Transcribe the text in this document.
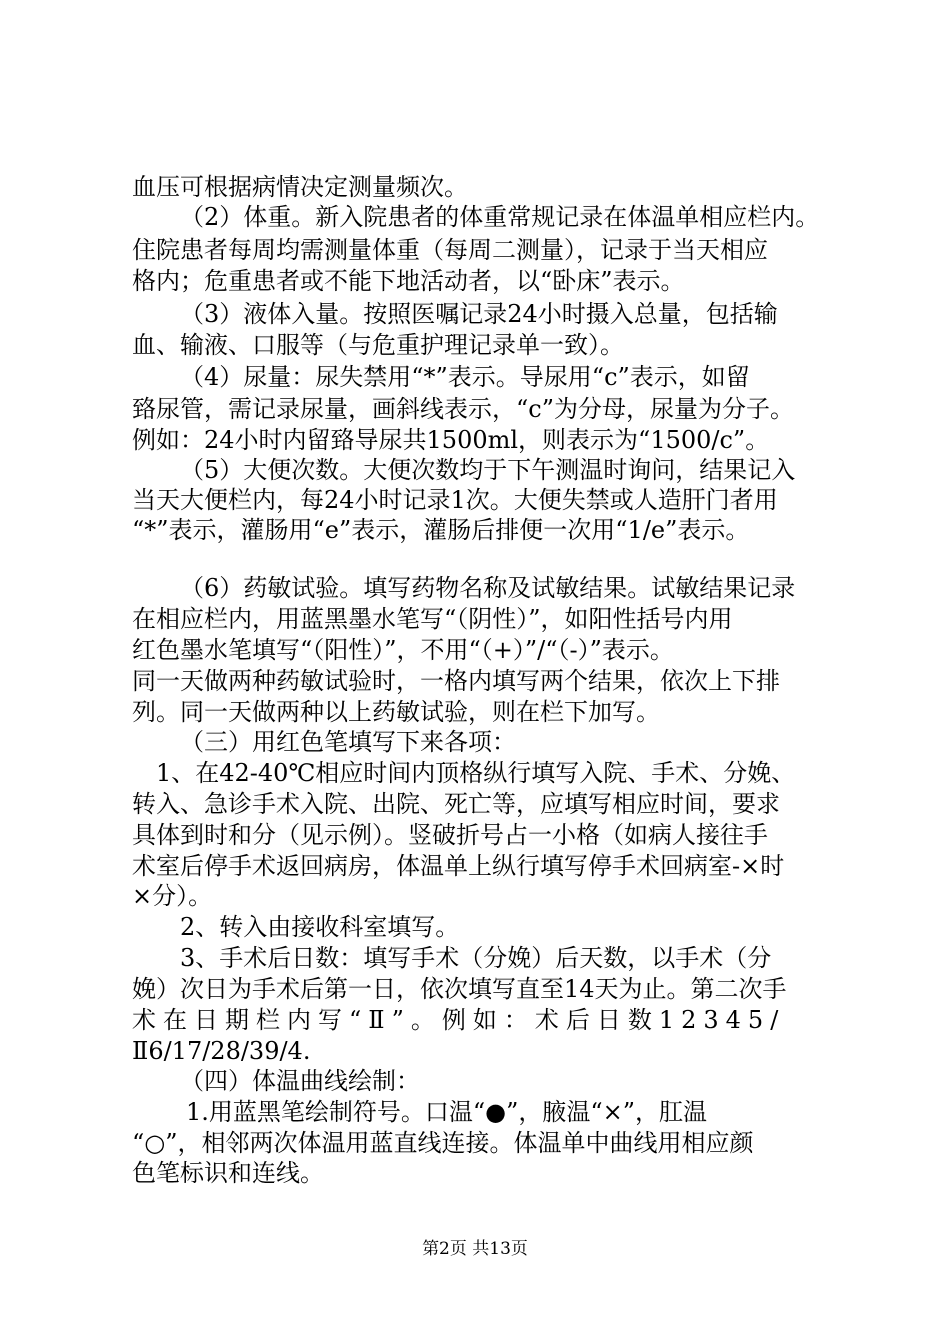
血压可根据病情决定测量频次。
（2）体重。新入院患者的体重常规记录在体温单相应栏内。
住院患者每周均需测量体重（每周二测量），记录于当天相应
格内；危重患者或不能下地活动者，以“卧床”表示。
（3）液体入量。按照医嘱记录24小时摄入总量，包括输
血、输液、口服等（与危重护理记录单一致）。
（4）尿量：尿失禁用“*”表示。导尿用“c”表示，如留
臵尿管，需记录尿量，画斜线表示，“c”为分母，尿量为分子。
例如：24小时内留臵导尿共1500ml，则表示为“1500/c”。
（5）大便次数。大便次数均于下午测温时询问，结果记入
当天大便栏内，每24小时记录1次。大便失禁或人造肝门者用
“*”表示，灌肠用“e”表示，灌肠后排便一次用“1/e”表示。
（6）药敏试验。填写药物名称及试敏结果。试敏结果记录
在相应栏内，用蓝黑墨水笔写“（阴性）”，如阳性括号内用
红色墨水笔填写“（阳性）”，不用“（+）”/“（-）”表示。
同一天做两种药敏试验时，一格内填写两个结果，依次上下排
列。同一天做两种以上药敏试验，则在栏下加写。
（三）用红色笔填写下来各项：
1、在42-40℃相应时间内顶格纵行填写入院、手术、分娩、
转入、急诊手术入院、出院、死亡等，应填写相应时间，要求
具体到时和分（见示例）。竖破折号占一小格（如病人接往手
术室后停手术返回病房，体温单上纵行填写停手术回病室-×时
×分）。
2、转入由接收科室填写。
3、手术后日数：填写手术（分娩）后天数，以手术（分
娩）次日为手术后第一日，依次填写直至14天为止。第二次手
术在日期栏内写“Ⅱ”。例如：术后日数12345/
Ⅱ6/17/28/39/4.
（四）体温曲线绘制：
1.用蓝黑笔绘制符号。口温“●”，腋温“×”，肛温
“○”，相邻两次体温用蓝直线连接。体温单中曲线用相应颜
色笔标识和连线。
第2页 共13页
